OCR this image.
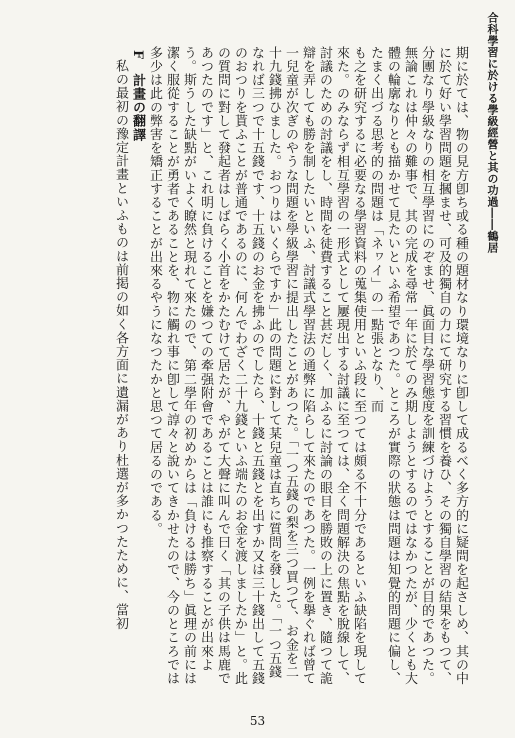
合科學習に於ける學級經營と其の功過――鶴居

期に於ては、物の見方卽ち或る種の題材なり環境なりに卽して成るべく多方的に疑問を起さしめ、其の中に於て好い學習問題を摑ませ、可及的獨自の力にて研究する習慣を養ひ、その獨自學習の結果をもつて、分團なり學級なりの相互學習にのぞませ、眞面目な學習態度を訓練づけようとすることが目的であつた。無論これは仲々の難事で、其の完成を尋常一年に於てのみ期しようとするのではなかつたが、少くとも大體の輪廓なりとも描かせて見たいといふ希望であつた。ところが實際の狀態は問題は知覺的問題に偏し、たまく出づる思考的の問題は「ネヮイ」の一點張となり、而

も之を研究するに必要なる學習資料の蒐集使用といふ段に至つては頗る不十分であるといふ缺陷を現して來た。のみならず相互學習の一形式として屢現出する討議に至つては、全く問題解決の焦點を脫線して、討議のための討議をし、時間を徒費すること甚だしく、加ふるに討論の眼目を勝敗の上に置き、隨つて詭辯を弄しても勝を制したいといふ、討議式學習法の通弊に陷らして來たのであつた。一例を擧ぐれば曾て一兒童が次ぎのやうな問題を學級學習に提出したことがあつた。「一つ五錢の梨を三つ買つて、お金を二十九錢拂ひました。おつりはいくらですか」此の問題に對して某兒童は直ちに質問を發した。「一つ五錢なれば三つで十五錢です、十五錢のお金を拂ふのでしたら、十錢と五錢とを出すか又は三十錢出して五錢のおつりを貰ふことが普通であるのに、何んでわざく二十九錢といふ端たのお金を渡しましたか」と。此の質問に對して發起者はしばらく小首をかたむけて居たが、やがて大聲に叫んで曰く「其の子供は馬鹿であつたのです」と、これ明に負けることを嫌つての牽强附會であることは誰にも推察することが出來よう。斯うした缺點がいよく瞭然と現れて來たので、第二學年の初めからは「負けるは勝ち」眞理の前には潔く服從することが勇者であることを、物に觸れ事に卽して諄々と說いてきかせたので、今のところでは多少は此の弊害を矯正することが出來るやうになつたかと思つて居るのである。

F　計畫の翻譯

私の最初の豫定計畫といふものは前掲の如く各方面に遺漏があり杜選が多かつたために、當初

53
